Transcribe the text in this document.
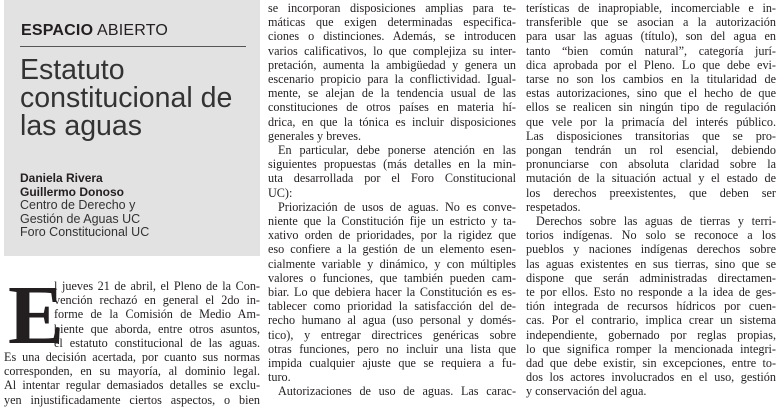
ESPACIO ABIERTO
Estatuto
constitucional de
las aguas
Daniela Rivera
Guillermo Donoso
Centro de Derecho y
Gestión de Aguas UC
Foro Constitucional UC
E
l jueves 21 de abril, el Pleno de la Con-
vención rechazó en general el 2do in-
forme de la Comisión de Medio Am-
biente que aborda, entre otros asuntos,
el estatuto constitucional de las aguas.
Es una decisión acertada, por cuanto sus normas
corresponden, en su mayoría, al dominio legal.
Al intentar regular demasiados detalles se exclu-
yen injustificadamente ciertos aspectos, o bien
se incorporan disposiciones amplias para te-
máticas que exigen determinadas especifica-
ciones o distinciones. Además, se introducen
varios calificativos, lo que complejiza su inter-
pretación, aumenta la ambigüedad y genera un
escenario propicio para la conflictividad. Igual-
mente, se alejan de la tendencia usual de las
constituciones de otros países en materia hí-
drica, en que la tónica es incluir disposiciones
generales y breves.
En particular, debe ponerse atención en las
siguientes propuestas (más detalles en la min-
uta desarrollada por el Foro Constitucional
UC):
Priorización de usos de aguas. No es conve-
niente que la Constitución fije un estricto y ta-
xativo orden de prioridades, por la rigidez que
eso confiere a la gestión de un elemento esen-
cialmente variable y dinámico, y con múltiples
valores o funciones, que también pueden cam-
biar. Lo que debiera hacer la Constitución es es-
tablecer como prioridad la satisfacción del de-
recho humano al agua (uso personal y domés-
tico), y entregar directrices genéricas sobre
otras funciones, pero no incluir una lista que
impida cualquier ajuste que se requiera a fu-
turo.
Autorizaciones de uso de aguas. Las carac-
terísticas de inapropiable, incomerciable e in-
transferible que se asocian a la autorización
para usar las aguas (título), son del agua en
tanto “bien común natural”, categoría jurí-
dica aprobada por el Pleno. Lo que debe evi-
tarse no son los cambios en la titularidad de
estas autorizaciones, sino que el hecho de que
ellos se realicen sin ningún tipo de regulación
que vele por la primacía del interés público.
Las disposiciones transitorias que se pro-
pongan tendrán un rol esencial, debiendo
pronunciarse con absoluta claridad sobre la
mutación de la situación actual y el estado de
los derechos preexistentes, que deben ser
respetados.
Derechos sobre las aguas de tierras y terri-
torios indígenas. No solo se reconoce a los
pueblos y naciones indígenas derechos sobre
las aguas existentes en sus tierras, sino que se
dispone que serán administradas directamen-
te por ellos. Esto no responde a la idea de ges-
tión integrada de recursos hídricos por cuen-
cas. Por el contrario, implica crear un sistema
independiente, gobernado por reglas propias,
lo que significa romper la mencionada integri-
dad que debe existir, sin excepciones, entre to-
dos los actores involucrados en el uso, gestión
y conservación del agua.
